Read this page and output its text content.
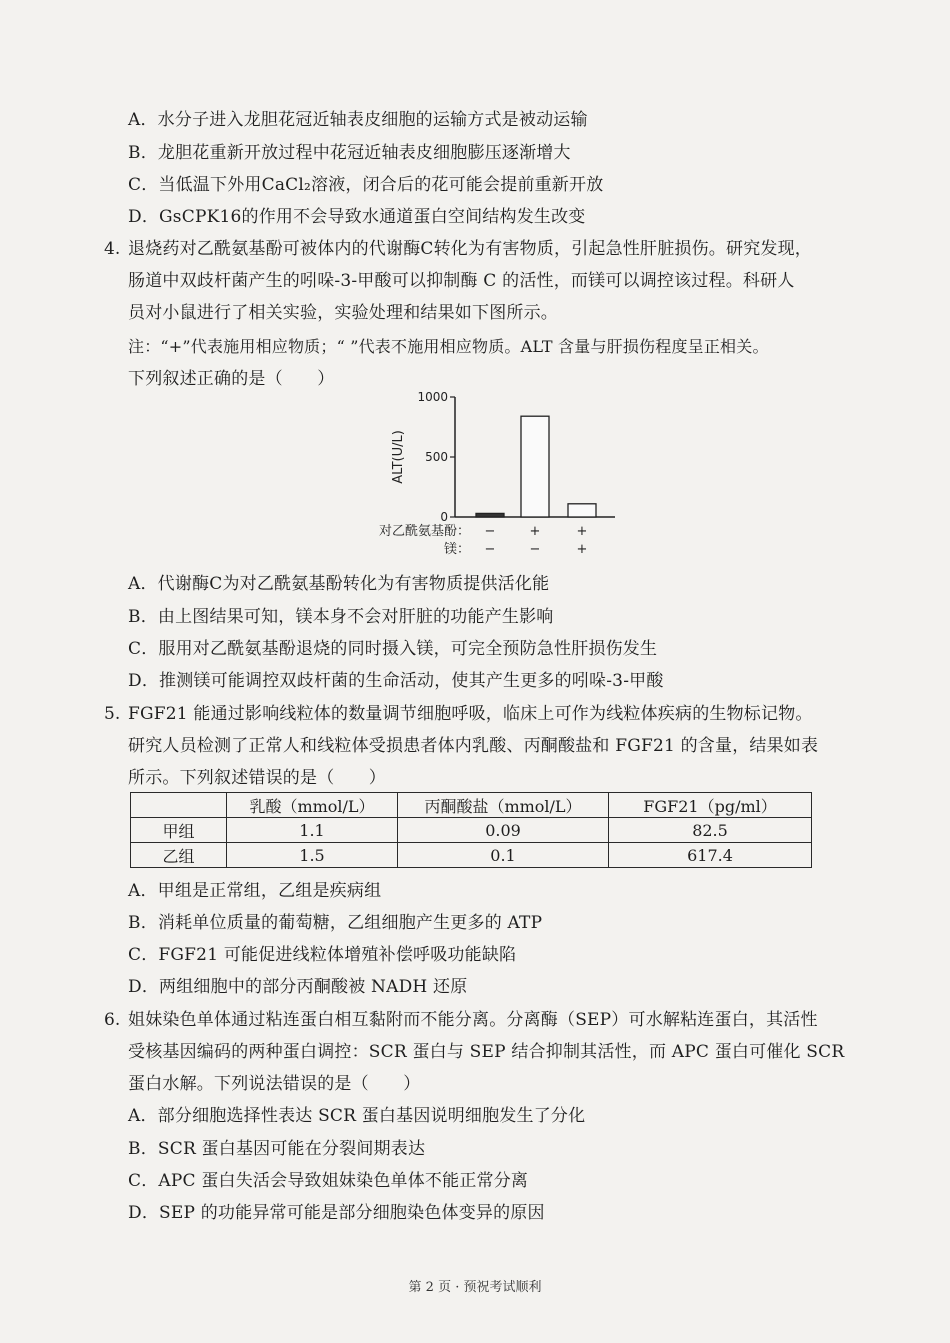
A．水分子进入龙胆花冠近轴表皮细胞的运输方式是被动运输
B．龙胆花重新开放过程中花冠近轴表皮细胞膨压逐渐增大
C．当低温下外用CaCl₂溶液，闭合后的花可能会提前重新开放
D．GsCPK16的作用不会导致水通道蛋白空间结构发生改变
4. 退烧药对乙酰氨基酚可被体内的代谢酶C转化为有害物质，引起急性肝脏损伤。研究发现，
肠道中双歧杆菌产生的吲哚-3-甲酸可以抑制酶 C 的活性，而镁可以调控该过程。科研人
员对小鼠进行了相关实验，实验处理和结果如下图所示。
注：“+”代表施用相应物质；“ ”代表不施用相应物质。ALT 含量与肝损伤程度呈正相关。
下列叙述正确的是（　　）
0
500
1000
ALT(U/L)
−
−
+
−
+
+
对乙酰氨基酚：
镁：
A．代谢酶C为对乙酰氨基酚转化为有害物质提供活化能
B．由上图结果可知，镁本身不会对肝脏的功能产生影响
C．服用对乙酰氨基酚退烧的同时摄入镁，可完全预防急性肝损伤发生
D．推测镁可能调控双歧杆菌的生命活动，使其产生更多的吲哚-3-甲酸
5. FGF21 能通过影响线粒体的数量调节细胞呼吸，临床上可作为线粒体疾病的生物标记物。
研究人员检测了正常人和线粒体受损患者体内乳酸、丙酮酸盐和 FGF21 的含量，结果如表
所示。下列叙述错误的是（　　）
	乳酸（mmol/L）	丙酮酸盐（mmol/L）	FGF21（pg/ml）
甲组	1.1	0.09	82.5
乙组	1.5	0.1	617.4
A．甲组是正常组，乙组是疾病组
B．消耗单位质量的葡萄糖，乙组细胞产生更多的 ATP
C．FGF21 可能促进线粒体增殖补偿呼吸功能缺陷
D．两组细胞中的部分丙酮酸被 NADH 还原
6. 姐妹染色单体通过粘连蛋白相互黏附而不能分离。分离酶（SEP）可水解粘连蛋白，其活性
受核基因编码的两种蛋白调控：SCR 蛋白与 SEP 结合抑制其活性，而 APC 蛋白可催化 SCR
蛋白水解。下列说法错误的是（　　）
A．部分细胞选择性表达 SCR 蛋白基因说明细胞发生了分化
B．SCR 蛋白基因可能在分裂间期表达
C．APC 蛋白失活会导致姐妹染色单体不能正常分离
D．SEP 的功能异常可能是部分细胞染色体变异的原因
第 2 页 · 预祝考试顺利
